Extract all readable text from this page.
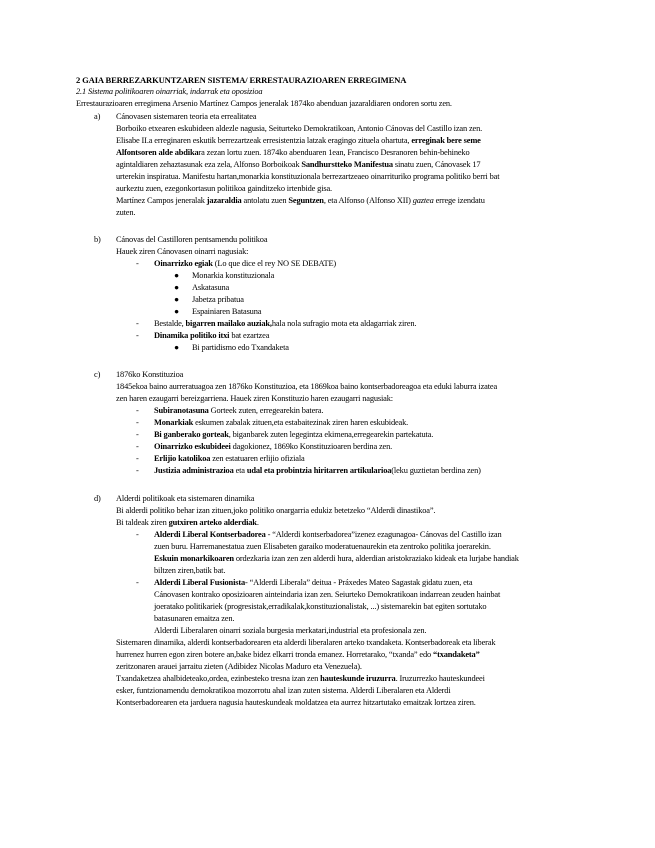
2 GAIA BERREZARKUNTZAREN SISTEMA/ ERRESTAURAZIOAREN ERREGIMENA
2.1 Sistema politikoaren oinarriak, indarrak eta oposizioa
Errestaurazioaren erregimena Arsenio Martínez Campos jeneralak 1874ko abenduan jazaraldiaren ondoren sortu zen.
a) Cánovasen sistemaren teoria eta errealitatea
Borboiko etxearen eskubideen aldezle nagusia, Seiturteko Demokratikoan, Antonio Cánovas del Castillo izan zen.
Elisabe II.a erreginaren eskutik berrezartzeak erresistentzia latzak eragingo zituela ohartuta, erreginak bere seme
Alfontsoren alde abdikara zezan lortu zuen. 1874ko abenduaren 1ean, Francisco Desranoren behin-behineko
agintaldiaren zehaztasunak eza zela, Alfonso Borboikoak Sandhurstteko Manifestua sinatu zuen, Cánovasek 17
urterekin inspiratua. Manifestu hartan,monarkia konstituzionala berrezartzeaeo oinarrituriko programa politiko berri bat
aurkeztu zuen, ezegonkortasun politikoa gainditzeko irtenbide gisa.
Martínez Campos jeneralak jazaraldia antolatu zuen Seguntzen, eta Alfonso (Alfonso XII) gaztea errege izendatu
zuten.
b) Cánovas del Castilloren pentsamendu politikoa
Hauek ziren Cánovasen oinarri nagusiak:
- Oinarrizko egiak (Lo que dice el rey NO SE DEBATE)
● Monarkia konstituzionala
● Askatasuna
● Jabetza pribatua
● Espainiaren Batasuna
- Bestalde, bigarren mailako auziak,hala nola sufragio mota eta aldagarriak ziren.
- Dinamika politiko itxi bat ezartzea
● Bi partidismo edo Txandaketa
c) 1876ko Konstituzioa
1845ekoa baino aurreratuagoa zen 1876ko Konstituzioa, eta 1869koa baino kontserbadoreagoa eta eduki laburra izatea
zen haren ezaugarri bereizgarriena. Hauek ziren Konstituzio haren ezaugarri nagusiak:
- Subiranotasuna Gorteek zuten, erregearekin batera.
- Monarkiak eskumen zabalak zituen,eta estabaitezinak ziren haren eskubideak.
- Bi ganberako gorteak, biganbarek zuten legegintza ekimena,erregearekin partekatuta.
- Oinarrizko eskubideei dagokionez, 1869ko Konstituzioaren berdina zen.
- Erlijio katolikoa zen estatuaren erlijio ofiziala
- Justizia administrazioa eta udal eta probintzia hiritarren artikularioa(leku guztietan berdina zen)
d) Alderdi politikoak eta sistemaren dinamika
Bi alderdi politiko behar izan zituen,joko politiko onargarria edukiz betetzeko “Alderdi dinastikoa”.
Bi taldeak ziren gutxiren arteko alderdiak.
- Alderdi Liberal Kontserbadorea - “Alderdi kontserbadorea”izenez ezagunagoa- Cánovas del Castillo izan
zuen buru. Harremanestatua zuen Elisabeten garaiko moderatuenaurekin eta zentroko politika joerarekin.
Eskuin monarkikoaren ordezkaria izan zen zen alderdi hura, alderdian aristokraziako kideak eta lurjabe handiak
biltzen ziren,batik bat.
- Alderdi Liberal Fusionista- “Alderdi Liberala” deitua - Práxedes Mateo Sagastak gidatu zuen, eta
Cánovasen kontrako oposizioaren ainteindaria izan zen. Seiurteko Demokratikoan indarrean zeuden hainbat
joeratako politikariek (progresistak,erradikalak,konstituzionalistak, ...) sistemarekin bat egiten sortutako
batasunaren emaitza zen.
Alderdi Liberalaren oinarri soziala burgesia merkatari,industrial eta profesionala zen.
Sistemaren dinamika, alderdi kontserbadorearen eta alderdi liberalaren arteko txandaketa. Kontserbadoreak eta liberak
hurrenez hurren egon ziren botere an,bake bidez elkarri tronda emanez. Horretarako, “txanda” edo “txandaketa”
zeritzonaren arauei jarraitu zieten (Adibidez Nicolas Maduro eta Venezuela).
Txandaketzea ahalbideteako,ordea, ezinbesteko tresna izan zen hauteskunde iruzurra. Iruzurrezko hauteskundeei
esker, funtzionamendu demokratikoa mozorrotu ahal izan zuten sistema. Alderdi Liberalaren eta Alderdi
Kontserbadorearen eta jarduera nagusia hauteskundeak moldatzea eta aurrez hitzartutako emaitzak lortzea ziren.
